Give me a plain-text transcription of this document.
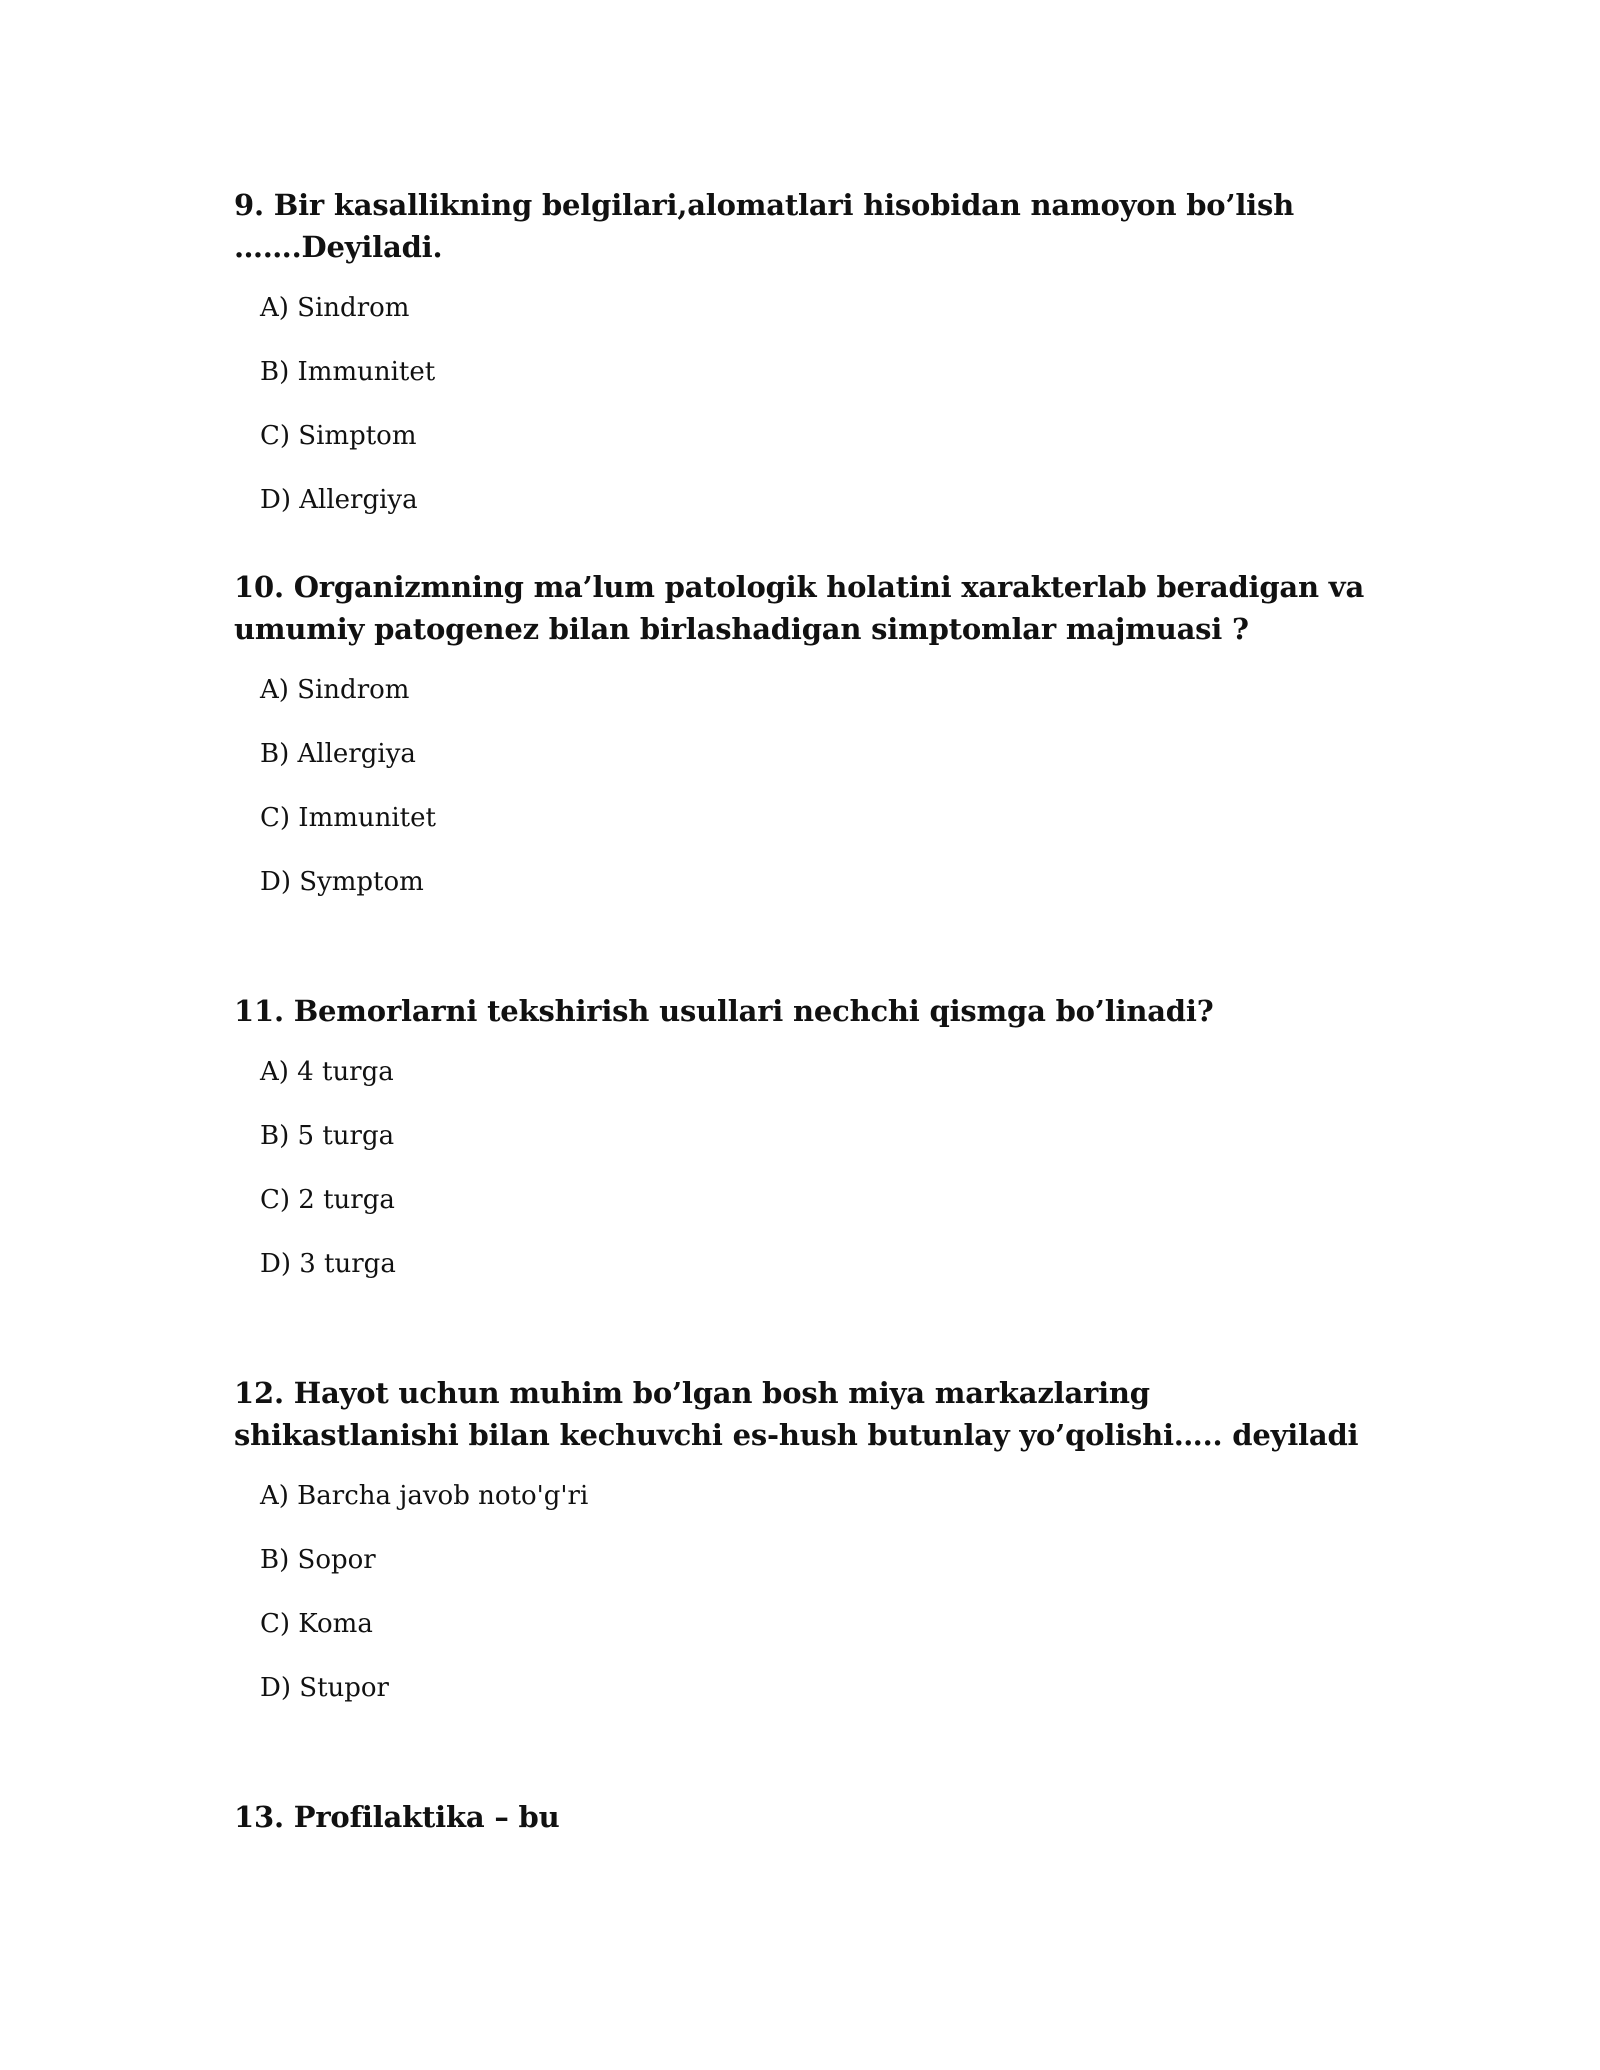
9. Bir kasallikning belgilari,alomatlari hisobidan namoyon bo’lish …….Deyiladi.

A) Sindrom
B) Immunitet
C) Simptom
D) Allergiya

10. Organizmning ma’lum patologik holatini xarakterlab beradigan va umumiy patogenez bilan birlashadigan simptomlar majmuasi ?

A) Sindrom
B) Allergiya
C) Immunitet
D) Symptom

11. Bemorlarni tekshirish usullari nechchi qismga bo’linadi?

A) 4 turga
B) 5 turga
C) 2 turga
D) 3 turga

12. Hayot uchun muhim bo’lgan bosh miya markazlaring shikastlanishi bilan kechuvchi es-hush butunlay yo’qolishi….. deyiladi

A) Barcha javob noto'g'ri
B) Sopor
C) Koma
D) Stupor

13. Profilaktika – bu
